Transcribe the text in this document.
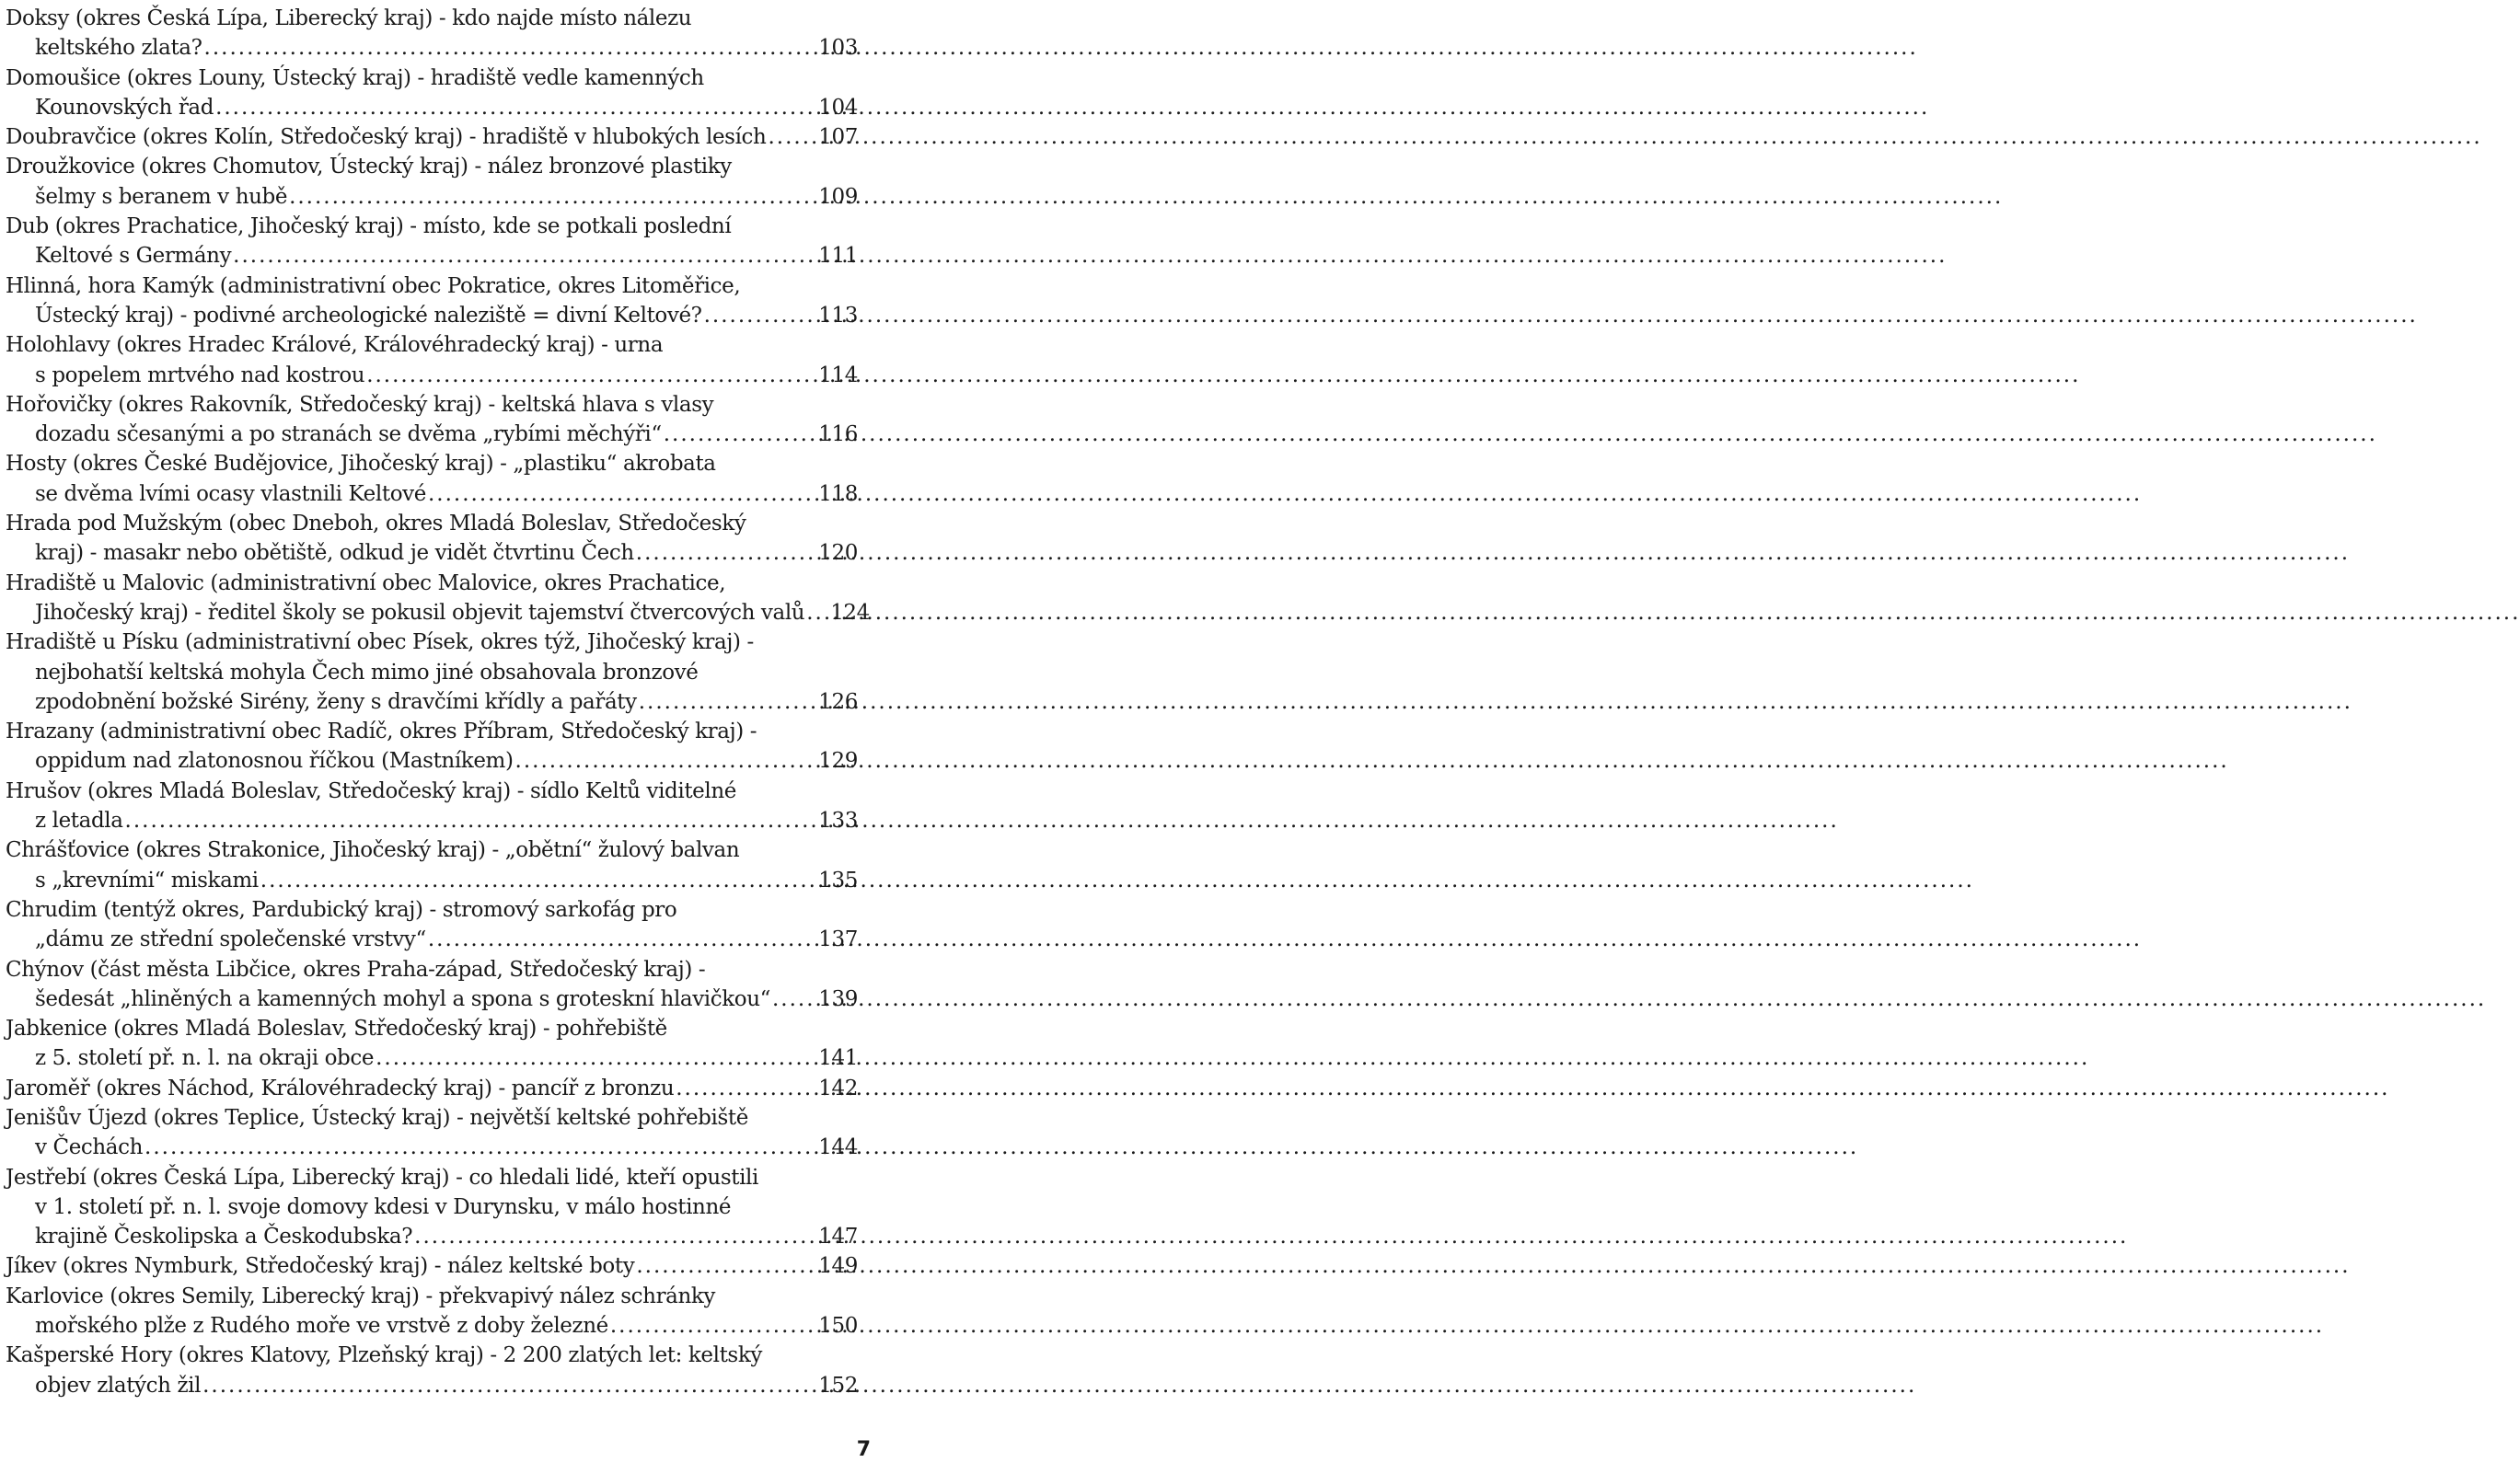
Doksy (okres Česká Lípa, Liberecký kraj) - kdo najde místo nálezu
keltského zlata? .....	103
Domoušice (okres Louny, Ústecký kraj) - hradiště vedle kamenných
Kounovských řad .....	104
Doubravčice (okres Kolín, Středočeský kraj) - hradiště v hlubokých lesích ..... 107
Droužkovice (okres Chomutov, Ústecký kraj) - nález bronzové plastiky
šelmy s beranem v hubě .....	109
Dub (okres Prachatice, Jihočeský kraj) - místo, kde se potkali poslední
Keltové s Germány .....	111
Hlinná, hora Kamýk (administrativní obec Pokratice, okres Litoměřice,
Ústecký kraj) - podivné archeologické naleziště = divní Keltové? .....	113
Holohlavy (okres Hradec Králové, Královéhradecký kraj) - urna
s popelem mrtvého nad kostrou .....	114
Hořovičky (okres Rakovník, Středočeský kraj) - keltská hlava s vlasy
dozadu sčesanými a po stranách se dvěma „rybími měchýři“ .....	116
Hosty (okres České Budějovice, Jihočeský kraj) - „plastiku“ akrobata
se dvěma lvími ocasy vlastnili Keltové .....	118
Hrada pod Mužským (obec Dneboh, okres Mladá Boleslav, Středočeský
kraj) - masakr nebo obětiště, odkud je vidět čtvrtinu Čech .....	120
Hradiště u Malovic (administrativní obec Malovice, okres Prachatice,
Jihočeský kraj) - ředitel školy se pokusil objevit tajemství čtvercových valů ..... 124
Hradiště u Písku (administrativní obec Písek, okres týž, Jihočeský kraj) -
nejbohatší keltská mohyla Čech mimo jiné obsahovala bronzové
zpodobnění božské Sirény, ženy s dravčími křídly a pařáty .....	126
Hrazany (administrativní obec Radíč, okres Příbram, Středočeský kraj) -
oppidum nad zlatonosnou říčkou (Mastníkem) .....	129
Hrušov (okres Mladá Boleslav, Středočeský kraj) - sídlo Keltů viditelné
z letadla .....	133
Chrášťovice (okres Strakonice, Jihočeský kraj) - „obětní“ žulový balvan
s „krevními“ miskami .....	135
Chrudim (tentýž okres, Pardubický kraj) - stromový sarkofág pro
„dámu ze střední společenské vrstvy“ .....	137
Chýnov (část města Libčice, okres Praha-západ, Středočeský kraj) -
šedesát „hliněných a kamenných mohyl a spona s groteskní hlavičkou“ ..... 139
Jabkenice (okres Mladá Boleslav, Středočeský kraj) - pohřebiště
z 5. století př. n. l. na okraji obce .....	141
Jaroměř (okres Náchod, Královéhradecký kraj) - pancíř z bronzu .....	142
Jenišův Újezd (okres Teplice, Ústecký kraj) - největší keltské pohřebiště
v Čechách .....	144
Jestřebí (okres Česká Lípa, Liberecký kraj) - co hledali lidé, kteří opustili
v 1. století př. n. l. svoje domovy kdesi v Durynsku, v málo hostinné
krajině Českolipska a Českodubska? .....	147
Jíkev (okres Nymburk, Středočeský kraj) - nález keltské boty .....	149
Karlovice (okres Semily, Liberecký kraj) - překvapivý nález schránky
mořského plže z Rudého moře ve vrstvě z doby železné .....	150
Kašperské Hory (okres Klatovy, Plzeňský kraj) - 2 200 zlatých let: keltský
objev zlatých žil .....	152
7
